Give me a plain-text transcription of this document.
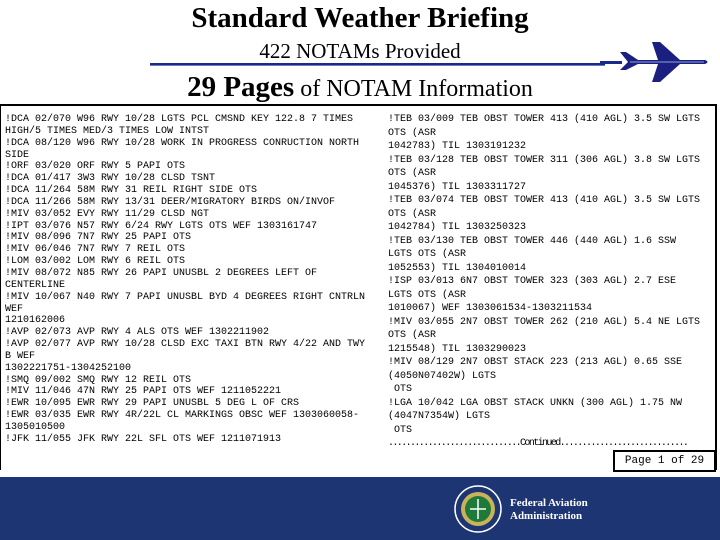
Standard Weather Briefing
422 NOTAMs Provided
29 Pages of NOTAM Information
!DCA 02/070 W96 RWY 10/28 LGTS PCL CMSND KEY 122.8 7 TIMES
HIGH/5 TIMES MED/3 TIMES LOW INTST
!DCA 08/120 W96 RWY 10/28 WORK IN PROGRESS CONRUCTION NORTH
SIDE
!ORF 03/020 ORF RWY 5 PAPI OTS
!DCA 01/417 3W3 RWY 10/28 CLSD TSNT
!DCA 11/264 58M RWY 31 REIL RIGHT SIDE OTS
!DCA 11/266 58M RWY 13/31 DEER/MIGRATORY BIRDS ON/INVOF
!MIV 03/052 EVY RWY 11/29 CLSD NGT
!IPT 03/076 N57 RWY 6/24 RWY LGTS OTS WEF 1303161747
!MIV 08/096 7N7 RWY 25 PAPI OTS
!MIV 06/046 7N7 RWY 7 REIL OTS
!LOM 03/002 LOM RWY 6 REIL OTS
!MIV 08/072 N85 RWY 26 PAPI UNUSBL 2 DEGREES LEFT OF
CENTERLINE
!MIV 10/067 N40 RWY 7 PAPI UNUSBL BYD 4 DEGREES RIGHT CNTRLN
WEF
1210162006
!AVP 02/073 AVP RWY 4 ALS OTS WEF 1302211902
!AVP 02/077 AVP RWY 10/28 CLSD EXC TAXI BTN RWY 4/22 AND TWY
B WEF
1302221751-1304252100
!SMQ 09/002 SMQ RWY 12 REIL OTS
!MIV 11/046 47N RWY 25 PAPI OTS WEF 1211052221
!EWR 10/095 EWR RWY 29 PAPI UNUSBL 5 DEG L OF CRS
!EWR 03/035 EWR RWY 4R/22L CL MARKINGS OBSC WEF 1303060058-
1305010500
!JFK 11/055 JFK RWY 22L SFL OTS WEF 1211071913
!TEB 03/009 TEB OBST TOWER 413 (410 AGL) 3.5 SW LGTS
OTS (ASR
1042783) TIL 1303191232
!TEB 03/128 TEB OBST TOWER 311 (306 AGL) 3.8 SW LGTS
OTS (ASR
1045376) TIL 1303311727
!TEB 03/074 TEB OBST TOWER 413 (410 AGL) 3.5 SW LGTS
OTS (ASR
1042784) TIL 1303250323
!TEB 03/130 TEB OBST TOWER 446 (440 AGL) 1.6 SSW
LGTS OTS (ASR
1052553) TIL 1304010014
!ISP 03/013 6N7 OBST TOWER 323 (303 AGL) 2.7 ESE
LGTS OTS (ASR
1010067) WEF 1303061534-1303211534
!MIV 03/055 2N7 OBST TOWER 262 (210 AGL) 5.4 NE LGTS
OTS (ASR
1215548) TIL 1303290023
!MIV 08/129 2N7 OBST STACK 223 (213 AGL) 0.65 SSE
(4050N07402W) LGTS
OTS
!LGA 10/042 LGA OBST STACK UNKN (300 AGL) 1.75 NW
(4047N7354W) LGTS
OTS
..............................Continued.............................
Page 1 of 29
Federal Aviation
Administration
